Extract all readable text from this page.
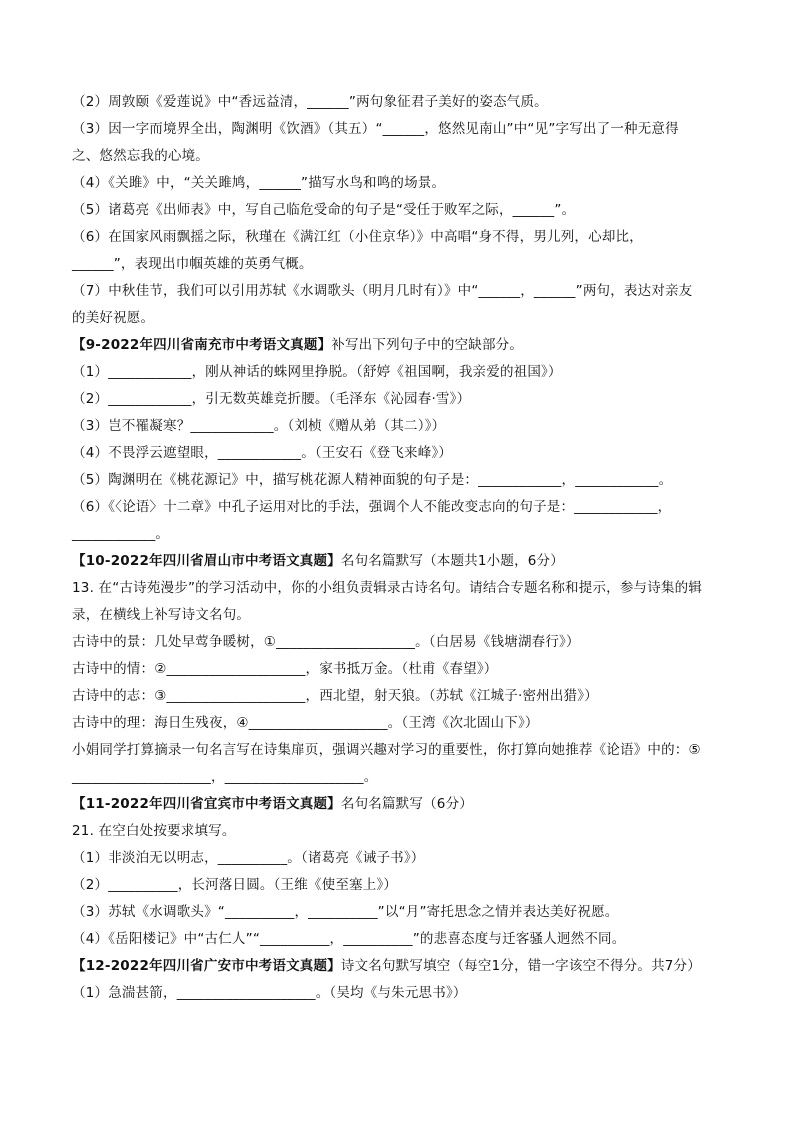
（2）周敦颐《爱莲说》中“香远益清，______”两句象征君子美好的姿态气质。
（3）因一字而境界全出，陶渊明《饮酒》（其五）“______，悠然见南山”中“见”字写出了一种无意得
之、悠然忘我的心境。
（4）《关雎》中，“关关雎鸠，______”描写水鸟和鸣的场景。
（5）诸葛亮《出师表》中，写自己临危受命的句子是“受任于败军之际，______”。
（6）在国家风雨飘摇之际，秋瑾在《满江红（小住京华）》中高唱“身不得，男儿列，心却比，
______”，表现出巾帼英雄的英勇气概。
（7）中秋佳节，我们可以引用苏轼《水调歌头（明月几时有）》中“______，______”两句，表达对亲友
的美好祝愿。
【9-2022年四川省南充市中考语文真题】补写出下列句子中的空缺部分。
（1）____________，刚从神话的蛛网里挣脱。（舒婷《祖国啊，我亲爱的祖国》）
（2）____________，引无数英雄竞折腰。（毛泽东《沁园春·雪》）
（3）岂不罹凝寒？____________。（刘桢《赠从弟（其二）》）
（4）不畏浮云遮望眼，____________。（王安石《登飞来峰》）
（5）陶渊明在《桃花源记》中，描写桃花源人精神面貌的句子是：____________，____________。
（6）《〈论语〉十二章》中孔子运用对比的手法，强调个人不能改变志向的句子是：____________，
____________。
【10-2022年四川省眉山市中考语文真题】名句名篇默写（本题共1小题，6分）
13. 在“古诗苑漫步”的学习活动中，你的小组负责辑录古诗名句。请结合专题名称和提示，参与诗集的辑
录，在横线上补写诗文名句。
古诗中的景：几处早莺争暖树，①____________________。（白居易《钱塘湖春行》）
古诗中的情：②____________________，家书抵万金。（杜甫《春望》）
古诗中的志：③____________________，西北望，射天狼。（苏轼《江城子·密州出猎》）
古诗中的理：海日生残夜，④____________________。（王湾《次北固山下》）
小娟同学打算摘录一句名言写在诗集扉页，强调兴趣对学习的重要性，你打算向她推荐《论语》中的：⑤
____________________，____________________。
【11-2022年四川省宜宾市中考语文真题】名句名篇默写（6分）
21. 在空白处按要求填写。
（1）非淡泊无以明志，__________。（诸葛亮《诫子书》）
（2）__________，长河落日圆。（王维《使至塞上》）
（3）苏轼《水调歌头》“__________，__________”以“月”寄托思念之情并表达美好祝愿。
（4）《岳阳楼记》中“古仁人”“__________，__________”的悲喜态度与迁客骚人迥然不同。
【12-2022年四川省广安市中考语文真题】诗文名句默写填空（每空1分，错一字该空不得分。共7分）
（1）急湍甚箭，____________________。（吴均《与朱元思书》）
